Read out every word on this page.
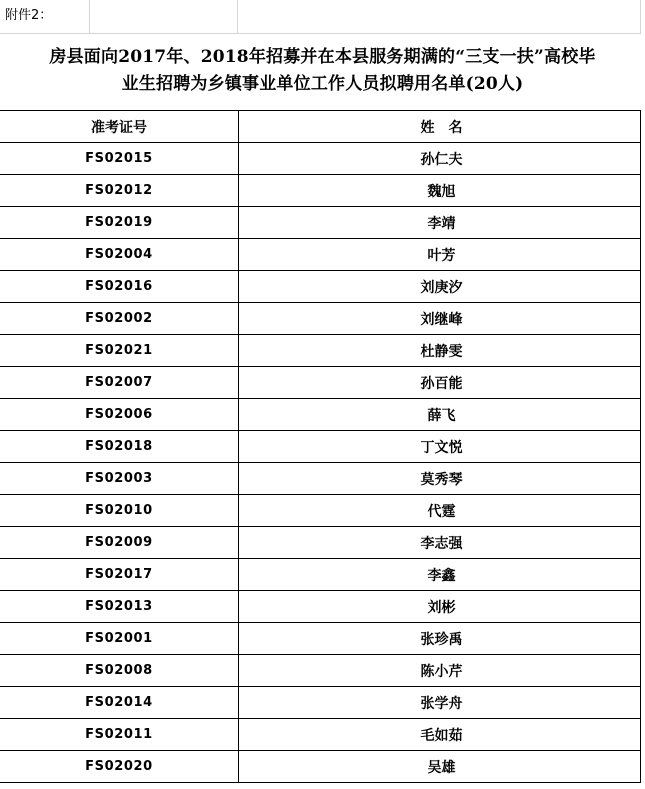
附件2：
房县面向2017年、2018年招募并在本县服务期满的“三支一扶”高校毕
业生招聘为乡镇事业单位工作人员拟聘用名单(20人)
准考证号	姓名
FS02015	孙仁夫
FS02012	魏旭
FS02019	李靖
FS02004	叶芳
FS02016	刘庚汐
FS02002	刘继峰
FS02021	杜静雯
FS02007	孙百能
FS02006	薛飞
FS02018	丁文悦
FS02003	莫秀琴
FS02010	代霆
FS02009	李志强
FS02017	李鑫
FS02013	刘彬
FS02001	张珍禹
FS02008	陈小芹
FS02014	张学舟
FS02011	毛如茹
FS02020	吴雄
